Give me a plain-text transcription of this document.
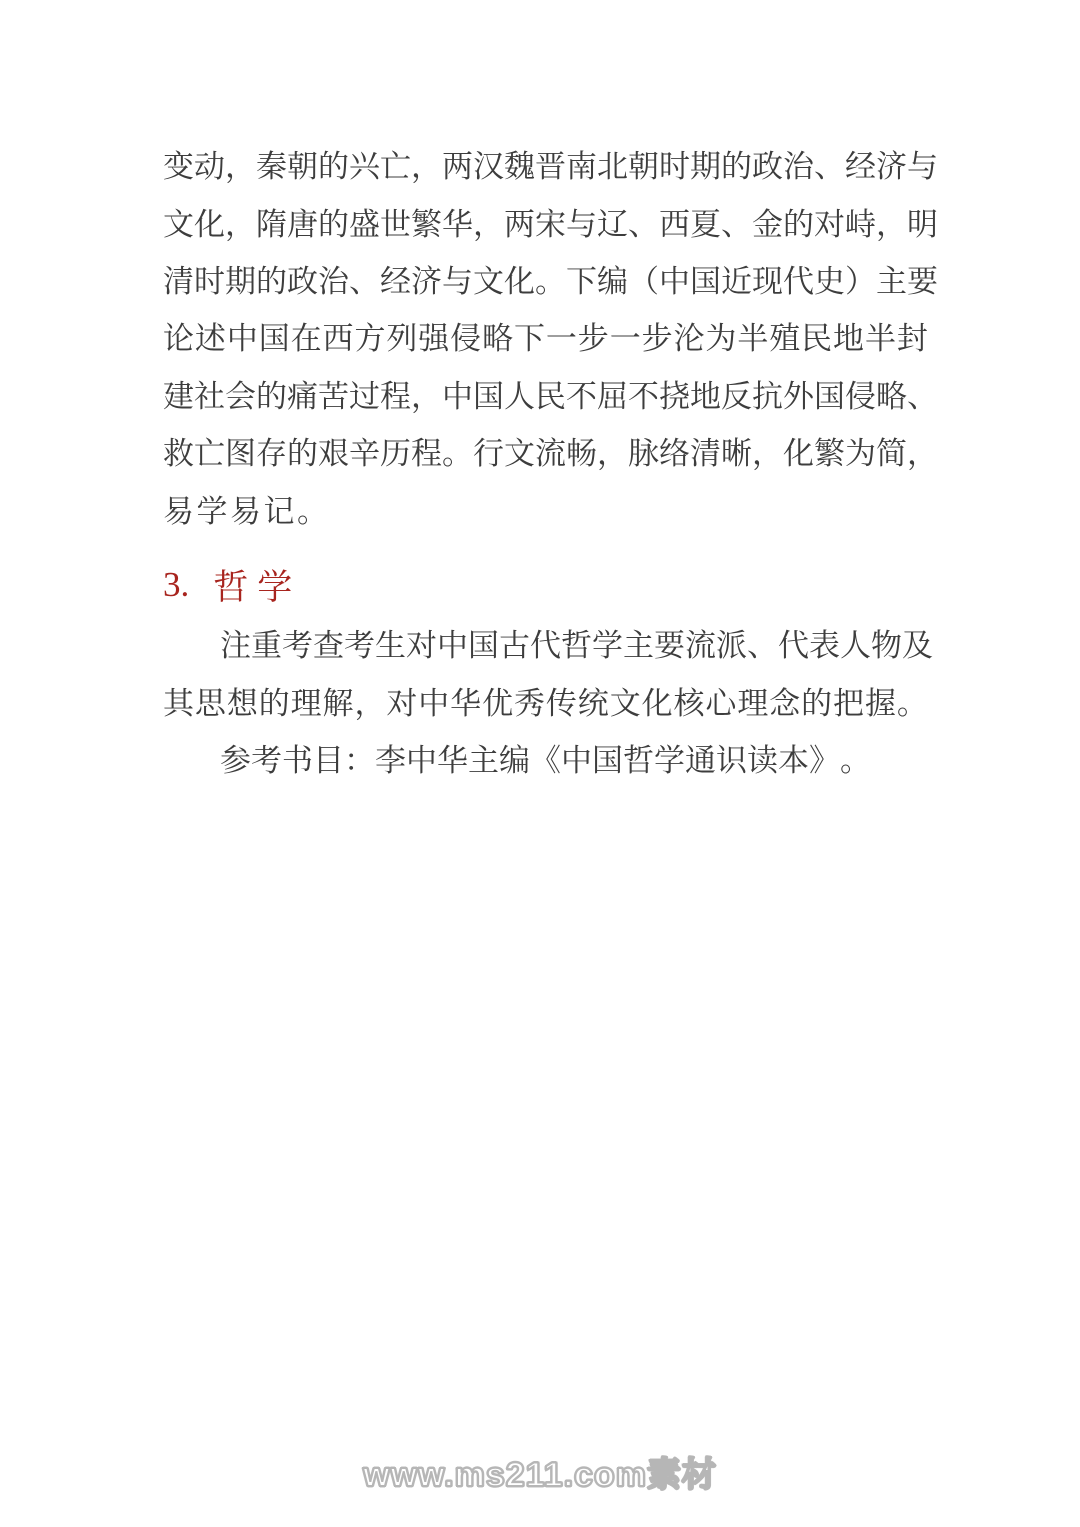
变 动 ， 秦 朝 的 兴 亡 ， 两 汉 魏 晋 南 北 朝 时 期 的 政 治 、 经 济 与
文 化 ， 隋 唐 的 盛 世 繁 华 ， 两 宋 与 辽 、 西 夏 、 金 的 对 峙 ， 明
清 时 期 的 政 治 、 经 济 与 文 化 。 下 编 （ 中 国 近 现 代 史 ） 主 要
论 述 中 国 在 西 方 列 强 侵 略 下 一 步 一 步 沦 为 半 殖 民 地 半 封
建 社 会 的 痛 苦 过 程 ， 中 国 人 民 不 屈 不 挠 地 反 抗 外 国 侵 略 、
救 亡 图 存 的 艰 辛 历 程 。 行 文 流 畅 ， 脉 络 清 晰 ， 化 繁 为 简 ，
易 学 易 记 。
3. 哲学
注 重 考 查 考 生 对 中 国 古 代 哲 学 主 要 流 派 、 代 表 人 物 及
其 思 想 的 理 解 ， 对 中 华 优 秀 传 统 文 化 核 心 理 念 的 把 握 。
参 考 书 目 ： 李 中 华 主 编 《 中 国 哲 学 通 识 读 本 》 。
www.ms211.com素材
